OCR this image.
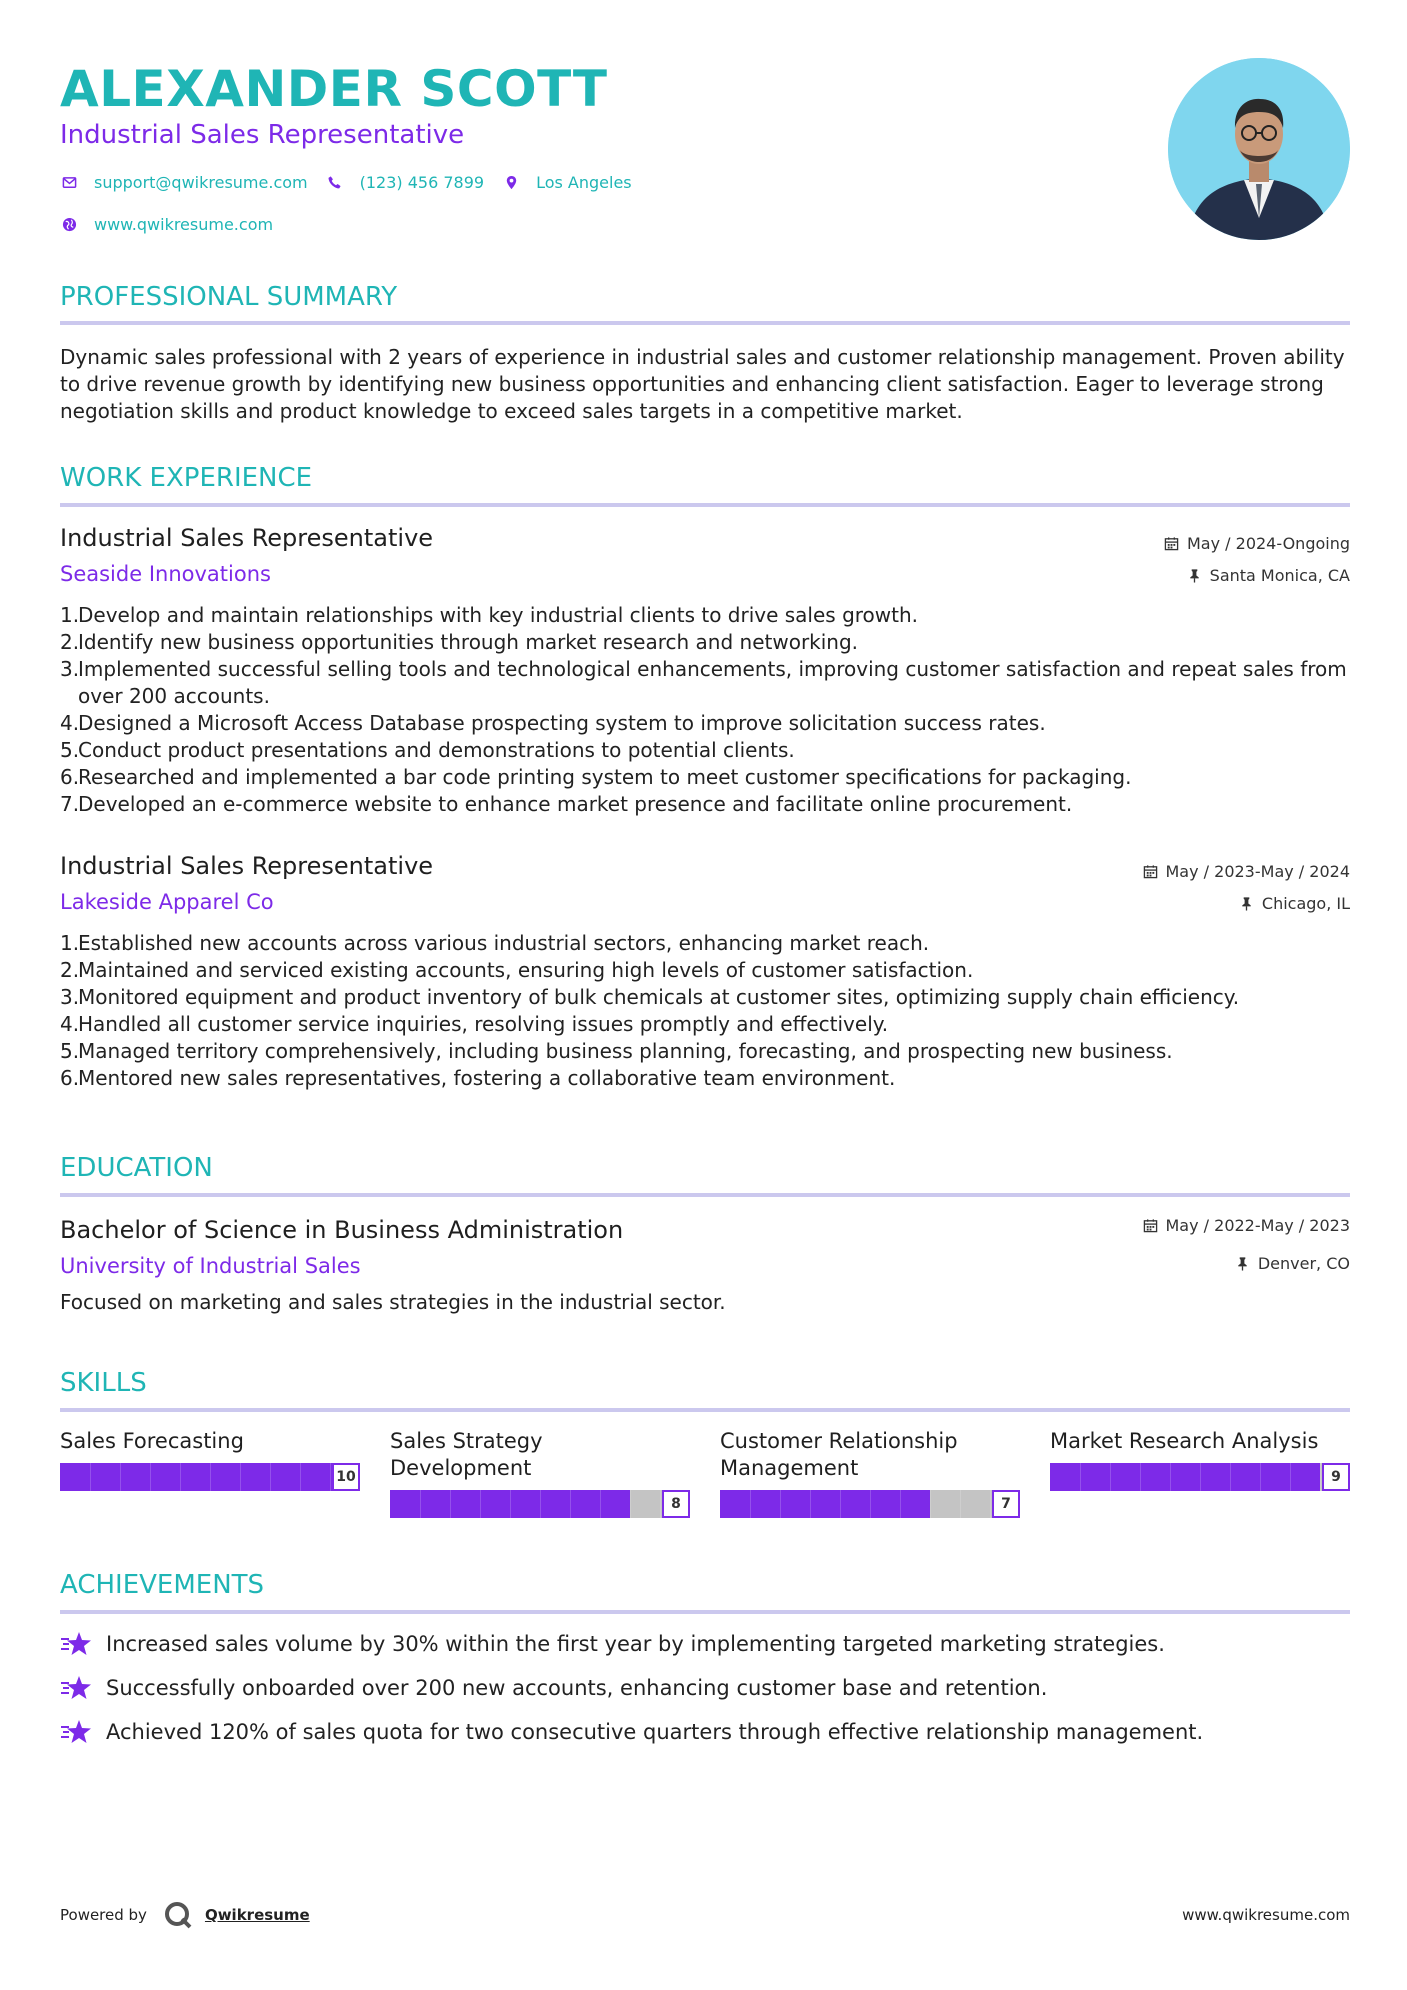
ALEXANDER SCOTT
Industrial Sales Representative
support@qwikresume.com	(123) 456 7899	Los Angeles
www.qwikresume.com
PROFESSIONAL SUMMARY
Dynamic sales professional with 2 years of experience in industrial sales and customer relationship management. Proven ability to drive revenue growth by identifying new business opportunities and enhancing client satisfaction. Eager to leverage strong negotiation skills and product knowledge to exceed sales targets in a competitive market.
WORK EXPERIENCE
Industrial Sales Representative
Seaside Innovations
May / 2024-Ongoing
Santa Monica, CA
1.
Develop and maintain relationships with key industrial clients to drive sales growth.
2.
Identify new business opportunities through market research and networking.
3.
Implemented successful selling tools and technological enhancements, improving customer satisfaction and repeat sales from over 200 accounts.
4.
Designed a Microsoft Access Database prospecting system to improve solicitation success rates.
5.
Conduct product presentations and demonstrations to potential clients.
6.
Researched and implemented a bar code printing system to meet customer specifications for packaging.
7.
Developed an e-commerce website to enhance market presence and facilitate online procurement.
Industrial Sales Representative
Lakeside Apparel Co
May / 2023-May / 2024
Chicago, IL
1.
Established new accounts across various industrial sectors, enhancing market reach.
2.
Maintained and serviced existing accounts, ensuring high levels of customer satisfaction.
3.
Monitored equipment and product inventory of bulk chemicals at customer sites, optimizing supply chain efficiency.
4.
Handled all customer service inquiries, resolving issues promptly and effectively.
5.
Managed territory comprehensively, including business planning, forecasting, and prospecting new business.
6.
Mentored new sales representatives, fostering a collaborative team environment.
EDUCATION
Bachelor of Science in Business Administration
University of Industrial Sales
May / 2022-May / 2023
Denver, CO
Focused on marketing and sales strategies in the industrial sector.
SKILLS
Sales Forecasting
10
Sales Strategy Development
8
Customer Relationship Management
7
Market Research Analysis
9
ACHIEVEMENTS
Increased sales volume by 30% within the first year by implementing targeted marketing strategies.
Successfully onboarded over 200 new accounts, enhancing customer base and retention.
Achieved 120% of sales quota for two consecutive quarters through effective relationship management.
Powered by	Qwikresume	www.qwikresume.com
